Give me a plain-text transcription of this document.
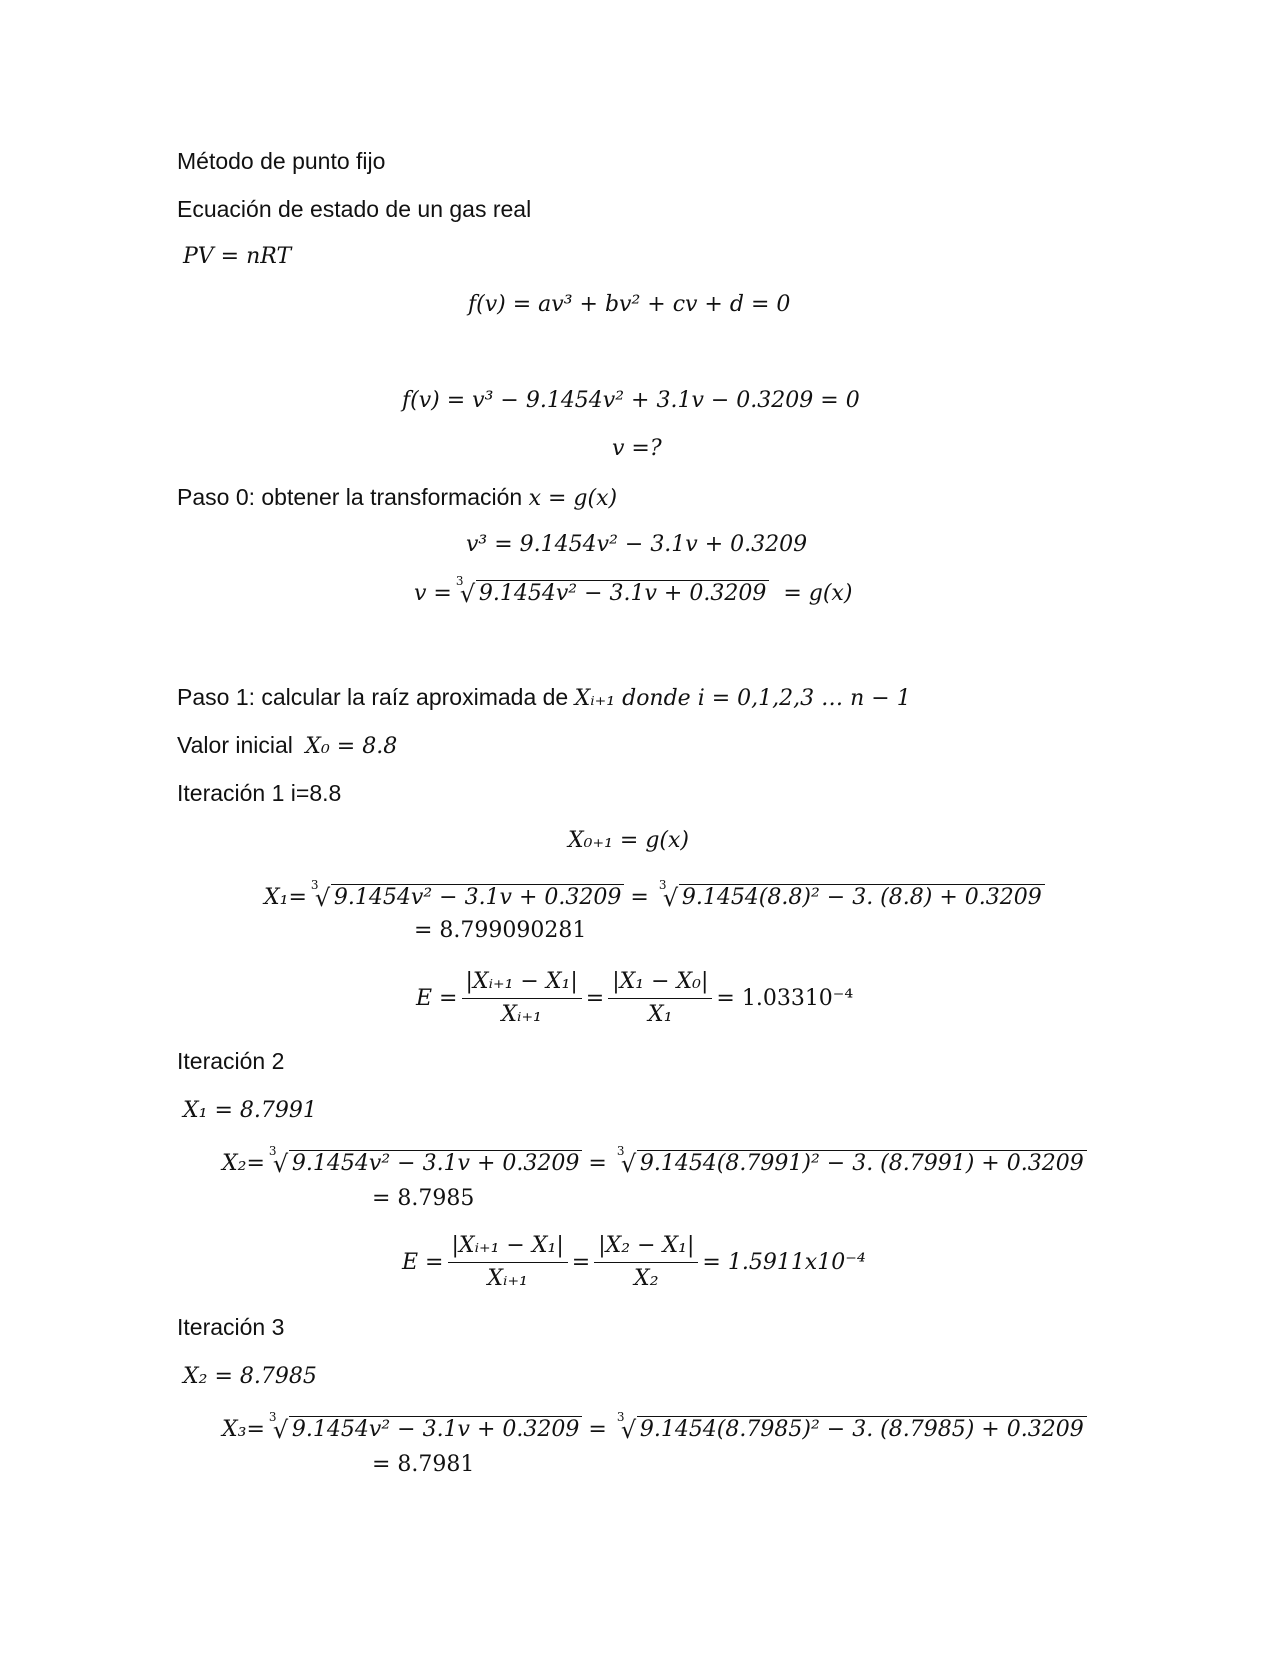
Método de punto fijo
Ecuación de estado de un gas real
PV = nRT
f(v) = av³ + bv² + cv + d = 0
f(v) = v³ − 9.1454v² + 3.1v − 0.3209 = 0
v =?
Paso 0: obtener la transformación x = g(x)
v³ = 9.1454v² − 3.1v + 0.3209
v = 3
√ 9.1454v² − 3.1v + 0.3209 = g(x)
Paso 1: calcular la raíz aproximada de Xᵢ₊₁ donde i = 0,1,2,3 … n − 1
Valor inicial X₀ = 8.8
Iteración 1 i=8.8
X₀₊₁ = g(x)
X₁= 3
√ 9.1454v² − 3.1v + 0.3209 = 3
√ 9.1454(8.8)² − 3. (8.8) + 0.3209
= 8.799090281
$E = \frac{\text{|Xᵢ₊₁ − X₁|}}{\text{Xᵢ₊₁}} = \frac{\text{|X₁ − X₀|}}{\text{X₁}} = 1.03310^{-4}$
Iteración 2
X₁ = 8.7991
X₂= 3
√ 9.1454v² − 3.1v + 0.3209 = 3
√ 9.1454(8.7991)² − 3. (8.7991) + 0.3209
= 8.7985
$E = \frac{\text{|Xᵢ₊₁ − X₁|}}{\text{Xᵢ₊₁}} = \frac{\text{|X₂ − X₁|}}{\text{X₂}} = 1.5911x10^{-4}$
Iteración 3
X₂ = 8.7985
X₃= 3
√ 9.1454v² − 3.1v + 0.3209 = 3
√ 9.1454(8.7985)² − 3. (8.7985) + 0.3209
= 8.7981
